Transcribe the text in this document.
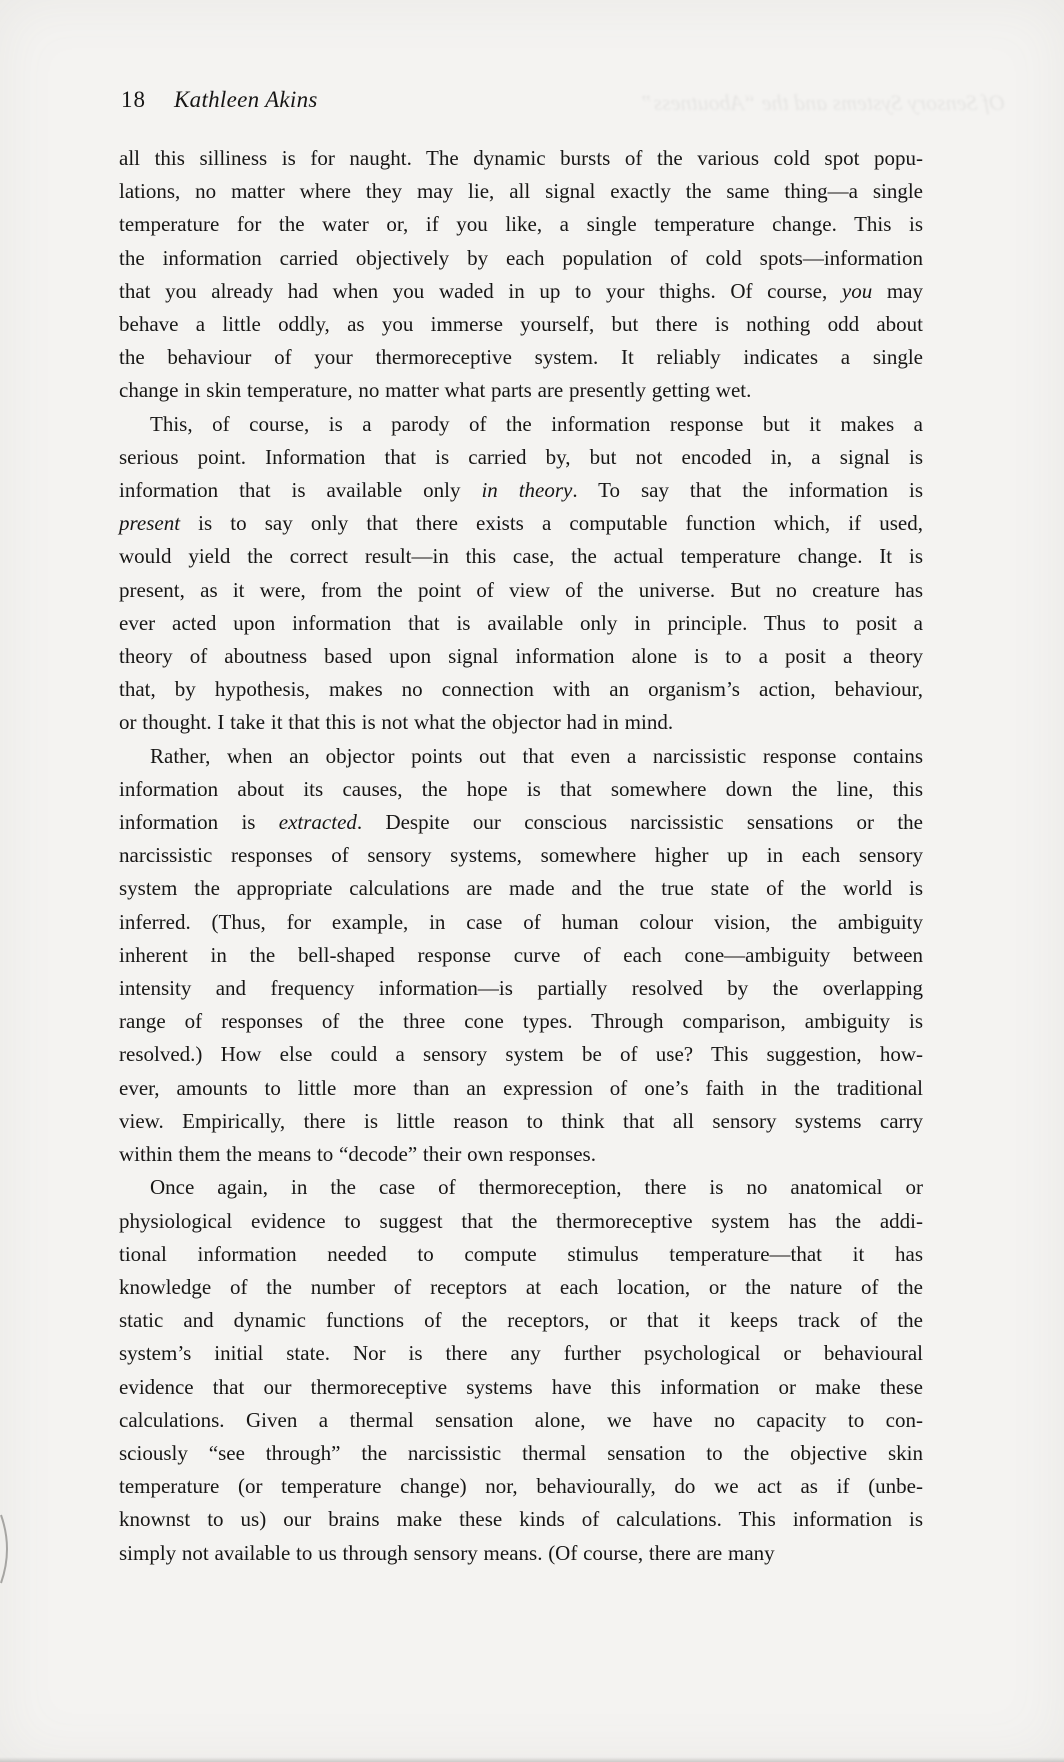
Of Sensory Systems and the “Aboutness”
18 Kathleen Akins
all this silliness is for naught. The dynamic bursts of the various cold spot popu-
lations, no matter where they may lie, all signal exactly the same thing—a single
temperature for the water or, if you like, a single temperature change. This is
the information carried objectively by each population of cold spots—information
that you already had when you waded in up to your thighs. Of course, you may
behave a little oddly, as you immerse yourself, but there is nothing odd about
the behaviour of your thermoreceptive system. It reliably indicates a single
change in skin temperature, no matter what parts are presently getting wet.
This, of course, is a parody of the information response but it makes a
serious point. Information that is carried by, but not encoded in, a signal is
information that is available only in theory. To say that the information is
present is to say only that there exists a computable function which, if used,
would yield the correct result—in this case, the actual temperature change. It is
present, as it were, from the point of view of the universe. But no creature has
ever acted upon information that is available only in principle. Thus to posit a
theory of aboutness based upon signal information alone is to a posit a theory
that, by hypothesis, makes no connection with an organism’s action, behaviour,
or thought. I take it that this is not what the objector had in mind.
Rather, when an objector points out that even a narcissistic response contains
information about its causes, the hope is that somewhere down the line, this
information is extracted. Despite our conscious narcissistic sensations or the
narcissistic responses of sensory systems, somewhere higher up in each sensory
system the appropriate calculations are made and the true state of the world is
inferred. (Thus, for example, in case of human colour vision, the ambiguity
inherent in the bell-shaped response curve of each cone—ambiguity between
intensity and frequency information—is partially resolved by the overlapping
range of responses of the three cone types. Through comparison, ambiguity is
resolved.) How else could a sensory system be of use? This suggestion, how-
ever, amounts to little more than an expression of one’s faith in the traditional
view. Empirically, there is little reason to think that all sensory systems carry
within them the means to “decode” their own responses.
Once again, in the case of thermoreception, there is no anatomical or
physiological evidence to suggest that the thermoreceptive system has the addi-
tional information needed to compute stimulus temperature—that it has
knowledge of the number of receptors at each location, or the nature of the
static and dynamic functions of the receptors, or that it keeps track of the
system’s initial state. Nor is there any further psychological or behavioural
evidence that our thermoreceptive systems have this information or make these
calculations. Given a thermal sensation alone, we have no capacity to con-
sciously “see through” the narcissistic thermal sensation to the objective skin
temperature (or temperature change) nor, behaviourally, do we act as if (unbe-
knownst to us) our brains make these kinds of calculations. This information is
simply not available to us through sensory means. (Of course, there are many
